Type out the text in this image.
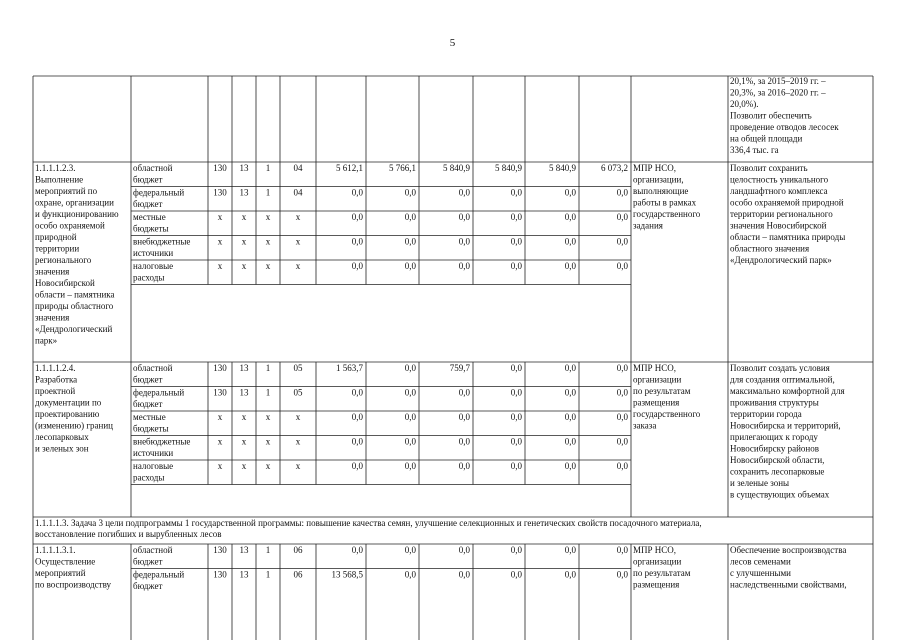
5
20,1%, за 2015–2019 гг. –
20,3%, за 2016–2020 гг. –
20,0%).
Позволит обеспечить
проведение отводов лесосек
на общей площади
336,4 тыс. га
1.1.1.1.2.3.
Выполнение
мероприятий по
охране, организации
и функционированию
особо охраняемой
природной
территории
регионального
значения
Новосибирской
области – памятника
природы областного
значения
«Дендрологический
парк»
областной
бюджет
130 13 1	04	5 612,1	5 766,1	5 840,9	5 840,9	5 840,9	6 073,2
федеральный
бюджет
130 13 1	04	0,0	0,0	0,0	0,0	0,0	0,0
местные
бюджеты
x x x	x	0,0	0,0	0,0	0,0	0,0	0,0
внебюджетные
источники
x x x	x	0,0	0,0	0,0	0,0	0,0	0,0
налоговые
расходы
x x x	x	0,0	0,0	0,0	0,0	0,0	0,0
МПР НСО,
организации,
выполняющие
работы в рамках
государственного
задания
Позволит сохранить
целостность уникального
ландшафтного комплекса
особо охраняемой природной
территории регионального
значения Новосибирской
области – памятника природы
областного значения
«Дендрологический парк»
1.1.1.1.2.4.
Разработка
проектной
документации по
проектированию
(изменению) границ
лесопарковых
и зеленых зон
областной
бюджет
130 13 1	05	1 563,7	0,0	759,7	0,0	0,0	0,0
федеральный
бюджет
130 13 1	05	0,0	0,0	0,0	0,0	0,0	0,0
местные
бюджеты
x x x	x	0,0	0,0	0,0	0,0	0,0	0,0
внебюджетные
источники
x x x	x	0,0	0,0	0,0	0,0	0,0	0,0
налоговые
расходы
x x x	x	0,0	0,0	0,0	0,0	0,0	0,0
МПР НСО,
организации
по результатам
размещения
государственного
заказа
Позволит создать условия
для создания оптимальной,
максимально комфортной для
проживания структуры
территории города
Новосибирска и территорий,
прилегающих к городу
Новосибирску районов
Новосибирской области,
сохранить лесопарковые
и зеленые зоны
в существующих объемах
1.1.1.1.3. Задача 3 цели подпрограммы 1 государственной программы: повышение качества семян, улучшение селекционных и генетических свойств посадочного материала,
восстановление погибших и вырубленных лесов
1.1.1.1.3.1.
Осуществление
мероприятий
по воспроизводству
областной
бюджет
130 13 1	06	0,0	0,0	0,0	0,0	0,0	0,0
федеральный
бюджет
130 13 1	06	13 568,5	0,0	0,0	0,0	0,0	0,0
МПР НСО,
организации
по результатам
размещения
Обеспечение воспроизводства
лесов семенами
с улучшенными
наследственными свойствами,
